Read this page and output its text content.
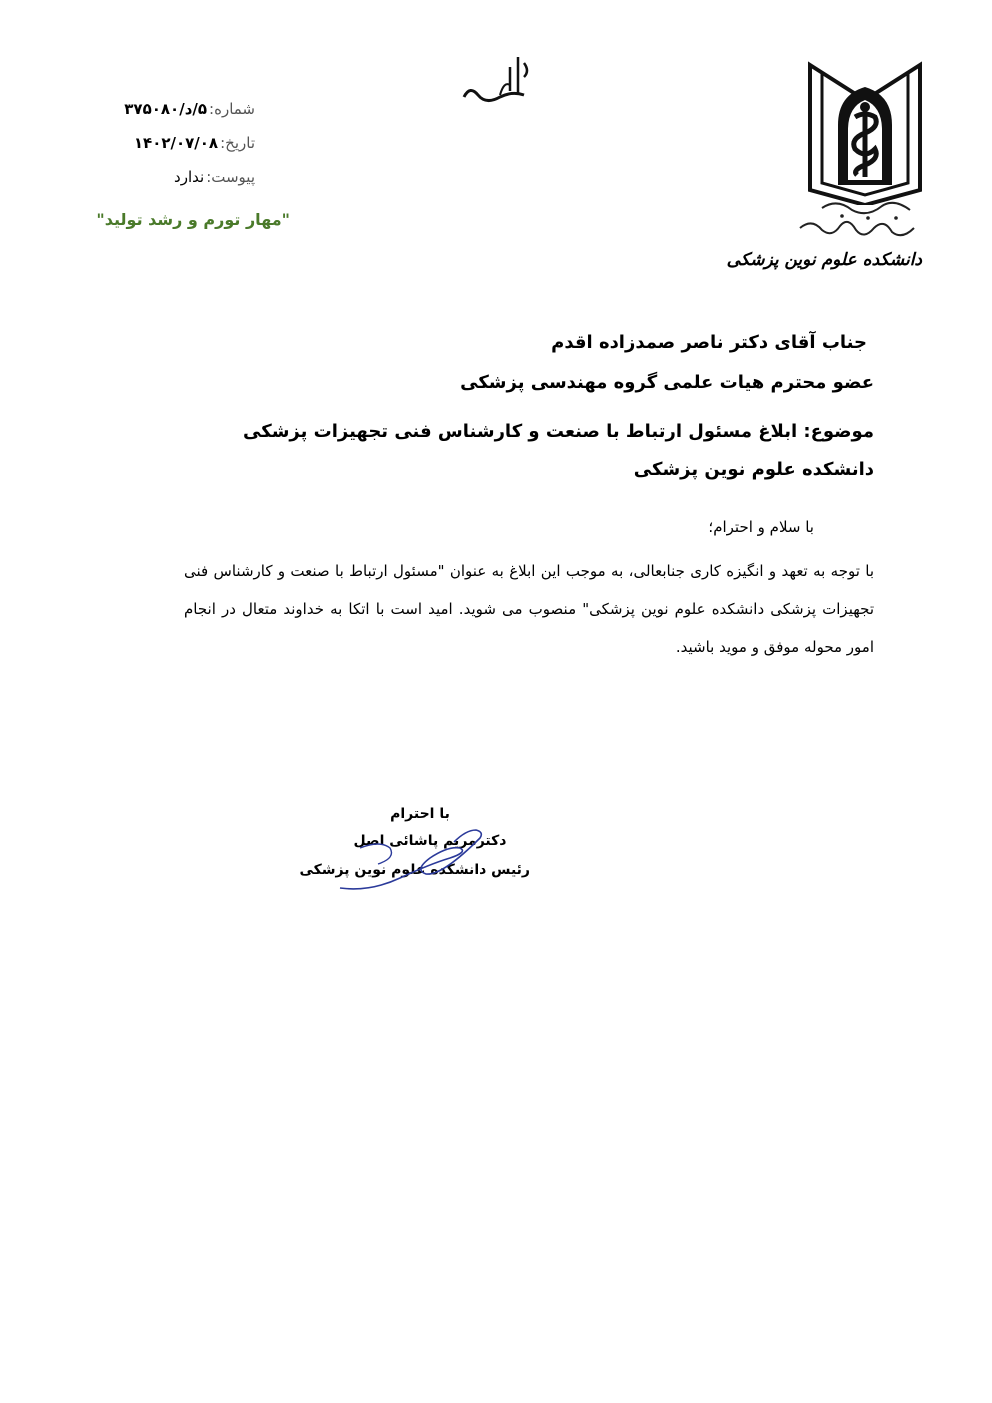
دانشکده علوم نوین پزشکی
شماره:
۵/د/۳۷۵۰۸۰
تاریخ:
۱۴۰۲/۰۷/۰۸
پیوست:
ندارد
"مهار تورم و رشد تولید"
جناب آقای دکتر ناصر صمدزاده اقدم
عضو محترم هیات علمی گروه مهندسی پزشکی
موضوع: ابلاغ مسئول ارتباط با صنعت و کارشناس فنی تجهیزات پزشکی دانشکده علوم نوین پزشکی
با سلام و احترام؛
با توجه به تعهد و انگیزه کاری جنابعالی، به موجب این ابلاغ به عنوان "مسئول ارتباط با صنعت و کارشناس فنی تجهیزات پزشکی دانشکده علوم نوین پزشکی" منصوب می شوید. امید است با اتکا به خداوند متعال در انجام امور محوله موفق و موید باشید.
با احترام
دکترمریم پاشائی اصل
رئیس دانشکده علوم نوین پزشکی
